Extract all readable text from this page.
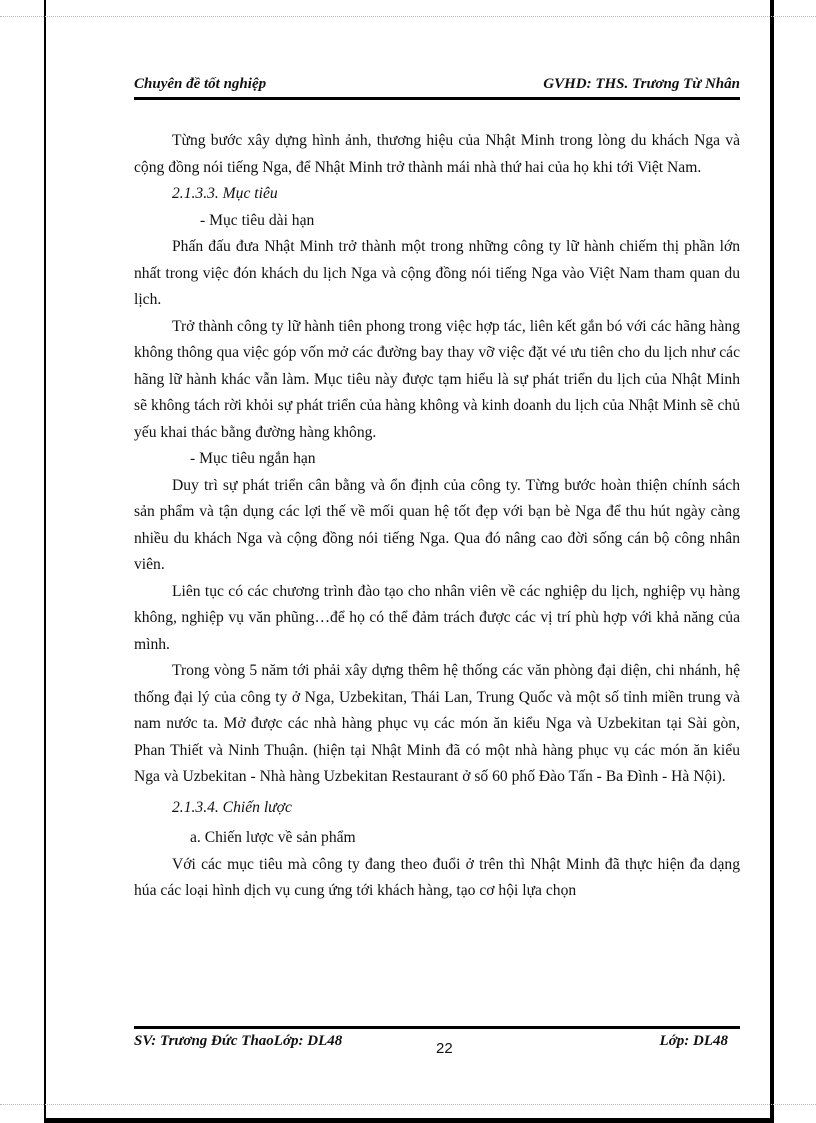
Chuyên đề tốt nghiệp	GVHD: THS. Trương Từ Nhân

Từng bước xây dựng hình ảnh, thương hiệu của Nhật Minh trong lòng du khách Nga và cộng đồng nói tiếng Nga, để Nhật Minh trở thành mái nhà thứ hai của họ khi tới Việt Nam.

2.1.3.3. Mục tiêu

- Mục tiêu dài hạn

Phấn đấu đưa Nhật Minh trở thành một trong những công ty lữ hành chiếm thị phần lớn nhất trong việc đón khách du lịch Nga và cộng đồng nói tiếng Nga vào Việt Nam tham quan du lịch.

Trở thành công ty lữ hành tiên phong trong việc hợp tác, liên kết gắn bó với các hãng hàng không thông qua việc góp vốn mở các đường bay thay vỡ việc đặt vé ưu tiên cho du lịch như các hãng lữ hành khác vẫn làm. Mục tiêu này được tạm hiểu là sự phát triển du lịch của Nhật Minh sẽ không tách rời khỏi sự phát triển của hàng không và kinh doanh du lịch của Nhật Minh sẽ chủ yếu khai thác bằng đường hàng không.

- Mục tiêu ngắn hạn

Duy trì sự phát triển cân bằng và ổn định của công ty. Từng bước hoàn thiện chính sách sản phẩm và tận dụng các lợi thế về mối quan hệ tốt đẹp với bạn bè Nga để thu hút ngày càng nhiều du khách Nga và cộng đồng nói tiếng Nga. Qua đó nâng cao đời sống cán bộ công nhân viên.

Liên tục có các chương trình đào tạo cho nhân viên về các nghiệp du lịch, nghiệp vụ hàng không, nghiệp vụ văn phũng…để họ có thể đảm trách được các vị trí phù hợp với khả năng của mình.

Trong vòng 5 năm tới phải xây dựng thêm hệ thống các văn phòng đại diện, chi nhánh, hệ thống đại lý của công ty ở Nga, Uzbekitan, Thái Lan, Trung Quốc và một số tỉnh miền trung và nam nước ta. Mở được các nhà hàng phục vụ các món ăn kiểu Nga và Uzbekitan tại Sài gòn, Phan Thiết và Ninh Thuận. (hiện tại Nhật Minh đã có một nhà hàng phục vụ các món ăn kiểu Nga và Uzbekitan - Nhà hàng Uzbekitan Restaurant ở số 60 phố Đào Tấn - Ba Đình - Hà Nội).

2.1.3.4. Chiến lược

a. Chiến lược về sản phẩm

Với các mục tiêu mà công ty đang theo đuổi ở trên thì Nhật Minh đã thực hiện đa dạng húa các loại hình dịch vụ cung ứng tới khách hàng, tạo cơ hội lựa chọn

SV: Trương Đức ThaoLớp: DL48	22	Lớp: DL48
